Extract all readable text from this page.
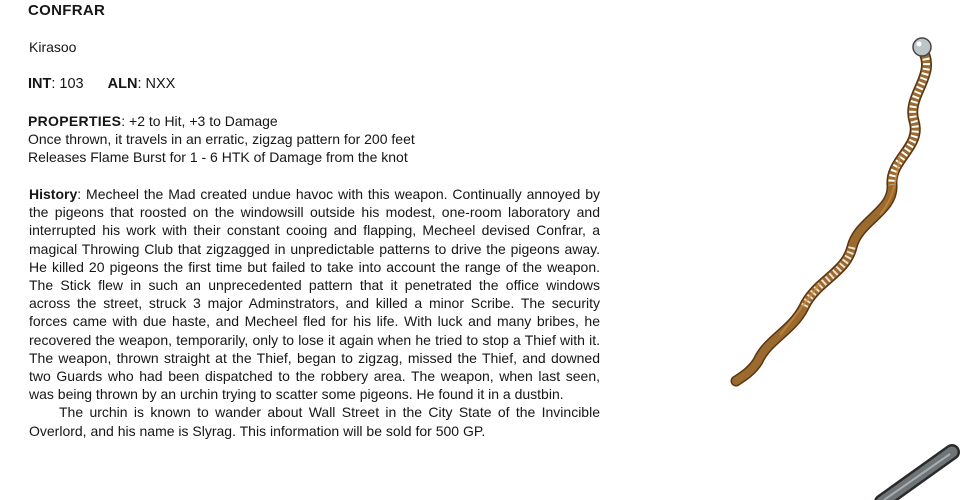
CONFRAR
Kirasoo
INT: 103 ALN: NXX
PROPERTIES: +2 to Hit, +3 to Damage
Once thrown, it travels in an erratic, zigzag pattern for 200 feet
Releases Flame Burst for 1 - 6 HTK of Damage from the knot

History: Mecheel the Mad created undue havoc with this weapon. Continually annoyed by the pigeons that roosted on the windowsill outside his modest, one-room laboratory and interrupted his work with their constant cooing and flapping, Mecheel devised Confrar, a magical Throwing Club that zigzagged in unpredictable patterns to drive the pigeons away. He killed 20 pigeons the first time but failed to take into account the range of the weapon. The Stick flew in such an unprecedented pattern that it penetrated the office windows across the street, struck 3 major Adminstrators, and killed a minor Scribe. The security forces came with due haste, and Mecheel fled for his life. With luck and many bribes, he recovered the weapon, temporarily, only to lose it again when he tried to stop a Thief with it. The weapon, thrown straight at the Thief, began to zigzag, missed the Thief, and downed two Guards who had been dispatched to the robbery area. The weapon, when last seen, was being thrown by an urchin trying to scatter some pigeons. He found it in a dustbin.

The urchin is known to wander about Wall Street in the City State of the Invincible Overlord, and his name is Slyrag. This information will be sold for 500 GP.
